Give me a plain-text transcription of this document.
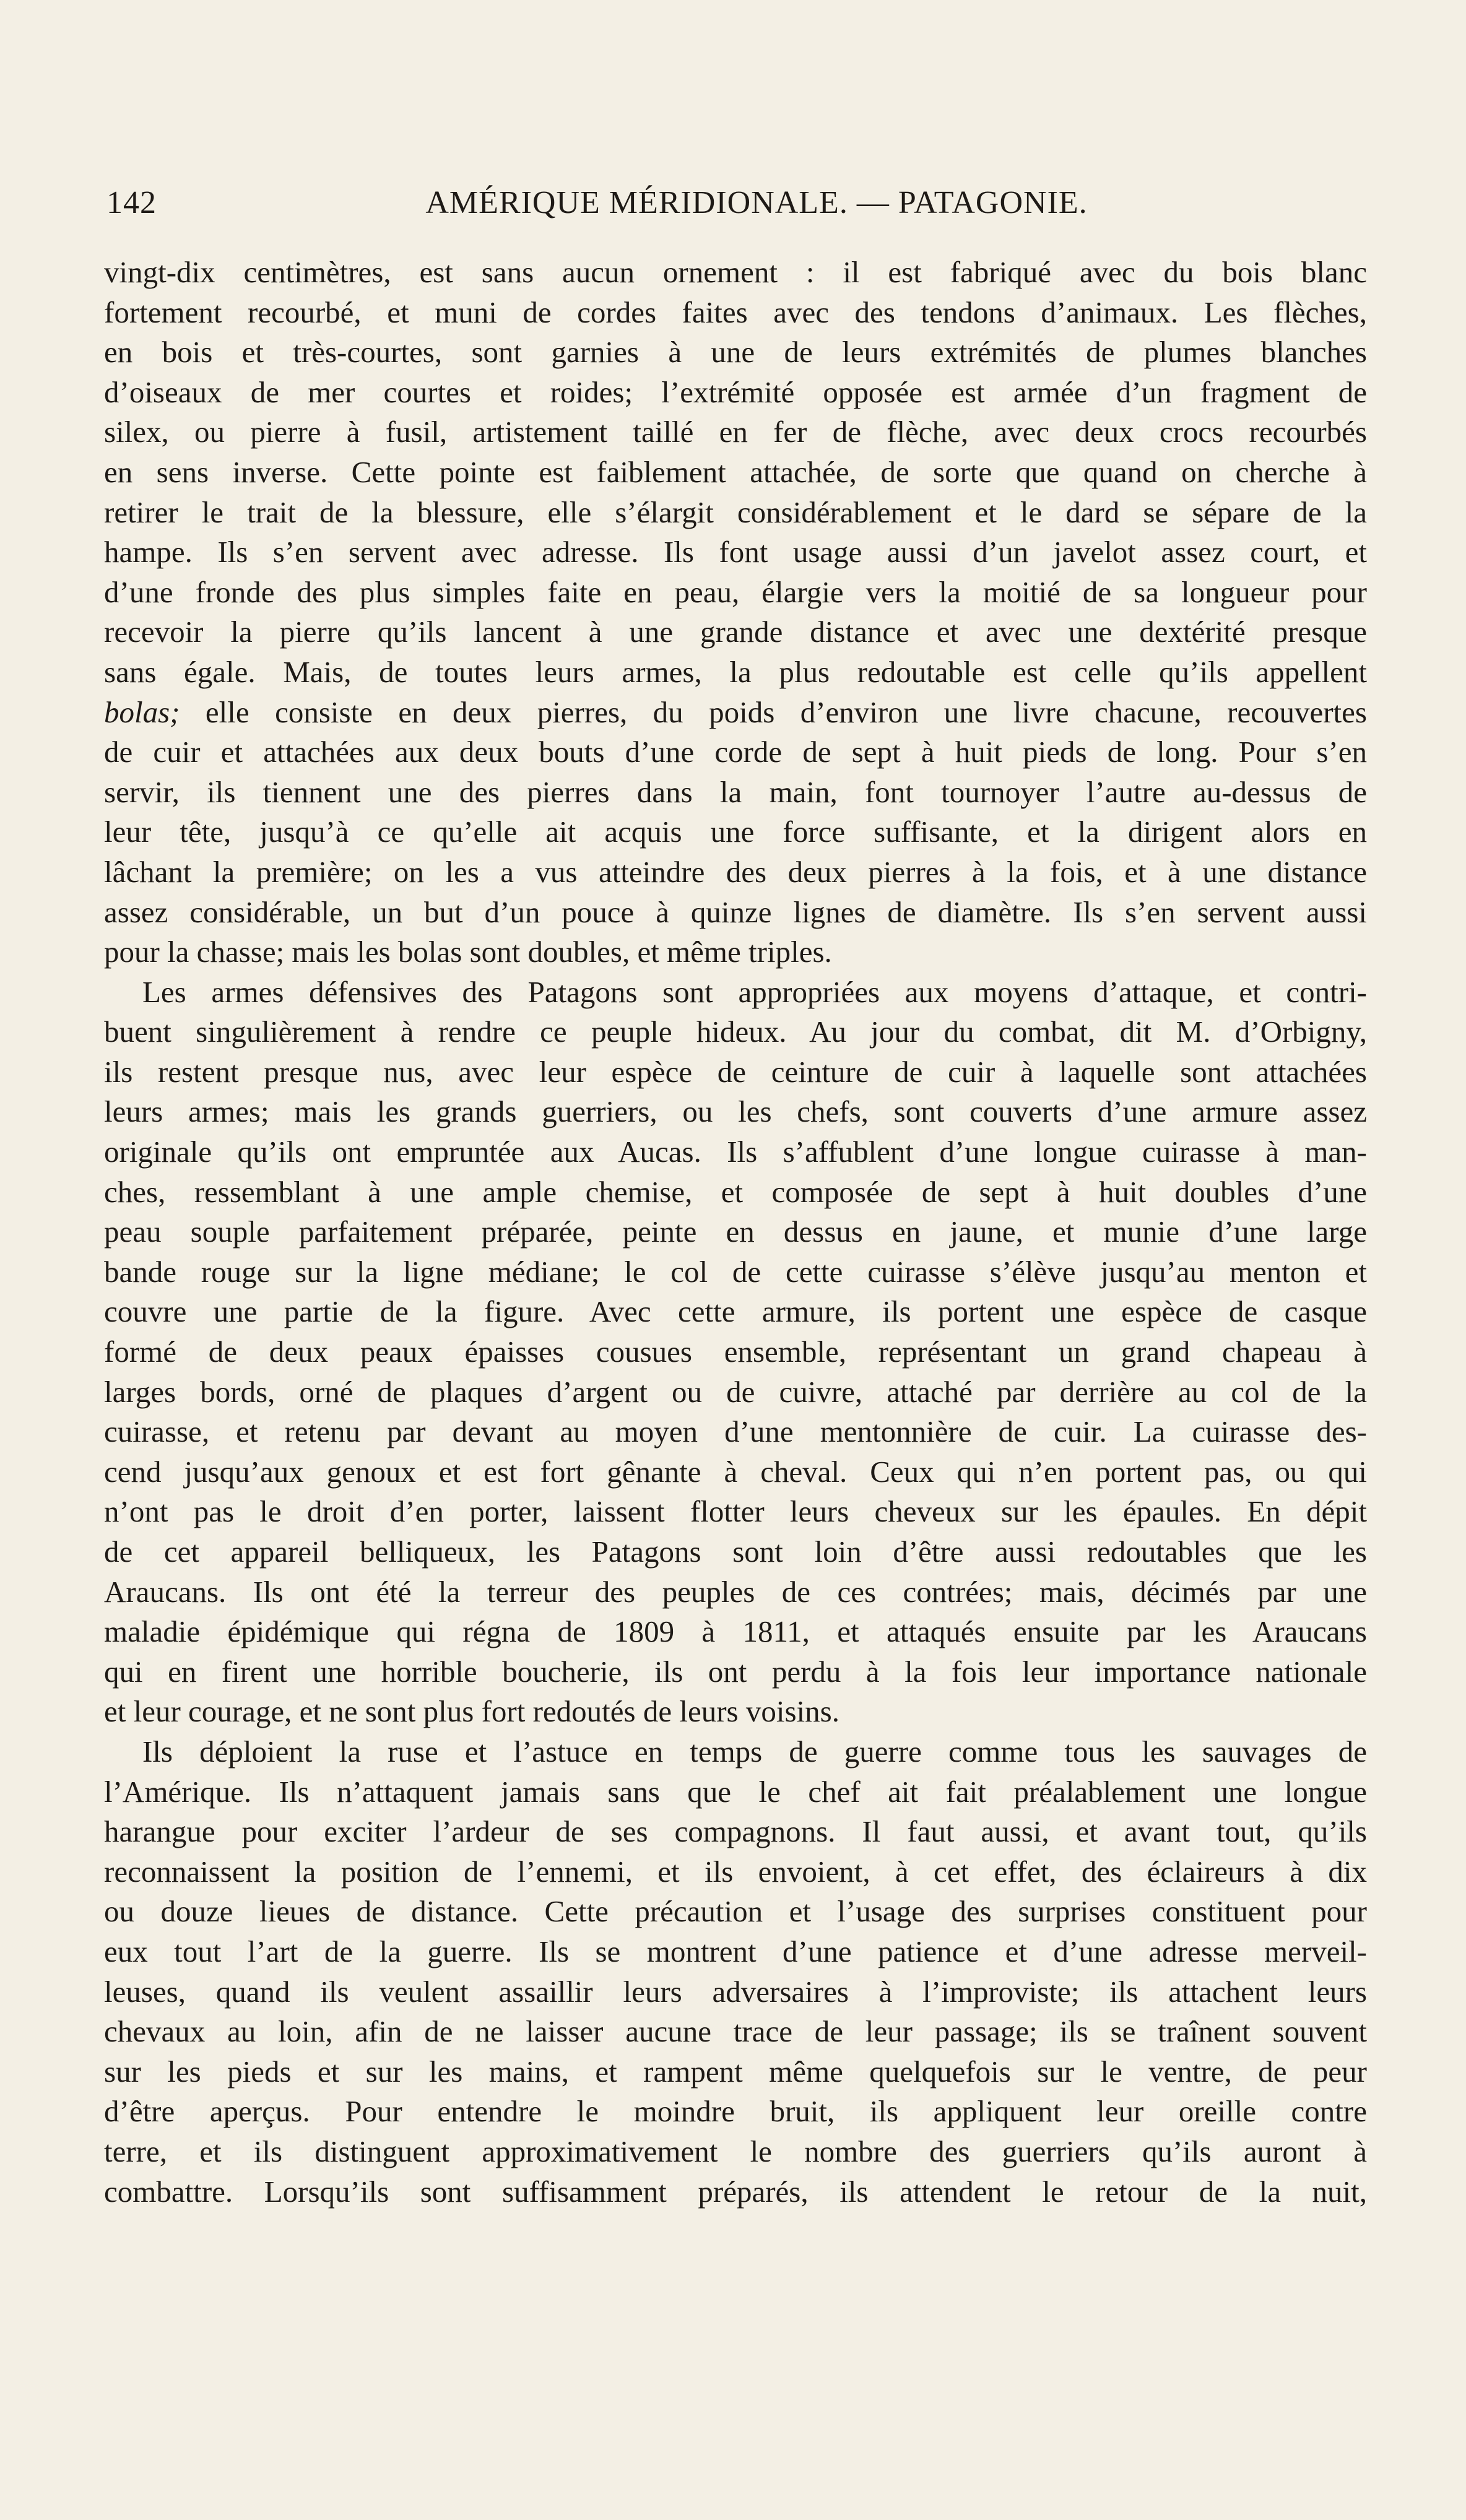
142	AMÉRIQUE MÉRIDIONALE. — PATAGONIE.
vingt-dix centimètres, est sans aucun ornement : il est fabriqué avec du bois blanc
fortement recourbé, et muni de cordes faites avec des tendons d’animaux. Les flèches,
en bois et très-courtes, sont garnies à une de leurs extrémités de plumes blanches
d’oiseaux de mer courtes et roides; l’extrémité opposée est armée d’un fragment de
silex, ou pierre à fusil, artistement taillé en fer de flèche, avec deux crocs recourbés
en sens inverse. Cette pointe est faiblement attachée, de sorte que quand on cherche à
retirer le trait de la blessure, elle s’élargit considérablement et le dard se sépare de la
hampe. Ils s’en servent avec adresse. Ils font usage aussi d’un javelot assez court, et
d’une fronde des plus simples faite en peau, élargie vers la moitié de sa longueur pour
recevoir la pierre qu’ils lancent à une grande distance et avec une dextérité presque
sans égale. Mais, de toutes leurs armes, la plus redoutable est celle qu’ils appellent
bolas; elle consiste en deux pierres, du poids d’environ une livre chacune, recouvertes
de cuir et attachées aux deux bouts d’une corde de sept à huit pieds de long. Pour s’en
servir, ils tiennent une des pierres dans la main, font tournoyer l’autre au-dessus de
leur tête, jusqu’à ce qu’elle ait acquis une force suffisante, et la dirigent alors en
lâchant la première; on les a vus atteindre des deux pierres à la fois, et à une distance
assez considérable, un but d’un pouce à quinze lignes de diamètre. Ils s’en servent aussi
pour la chasse; mais les bolas sont doubles, et même triples.
Les armes défensives des Patagons sont appropriées aux moyens d’attaque, et contri-
buent singulièrement à rendre ce peuple hideux. Au jour du combat, dit M. d’Orbigny,
ils restent presque nus, avec leur espèce de ceinture de cuir à laquelle sont attachées
leurs armes; mais les grands guerriers, ou les chefs, sont couverts d’une armure assez
originale qu’ils ont empruntée aux Aucas. Ils s’affublent d’une longue cuirasse à man-
ches, ressemblant à une ample chemise, et composée de sept à huit doubles d’une
peau souple parfaitement préparée, peinte en dessus en jaune, et munie d’une large
bande rouge sur la ligne médiane; le col de cette cuirasse s’élève jusqu’au menton et
couvre une partie de la figure. Avec cette armure, ils portent une espèce de casque
formé de deux peaux épaisses cousues ensemble, représentant un grand chapeau à
larges bords, orné de plaques d’argent ou de cuivre, attaché par derrière au col de la
cuirasse, et retenu par devant au moyen d’une mentonnière de cuir. La cuirasse des-
cend jusqu’aux genoux et est fort gênante à cheval. Ceux qui n’en portent pas, ou qui
n’ont pas le droit d’en porter, laissent flotter leurs cheveux sur les épaules. En dépit
de cet appareil belliqueux, les Patagons sont loin d’être aussi redoutables que les
Araucans. Ils ont été la terreur des peuples de ces contrées; mais, décimés par une
maladie épidémique qui régna de 1809 à 1811, et attaqués ensuite par les Araucans
qui en firent une horrible boucherie, ils ont perdu à la fois leur importance nationale
et leur courage, et ne sont plus fort redoutés de leurs voisins.
Ils déploient la ruse et l’astuce en temps de guerre comme tous les sauvages de
l’Amérique. Ils n’attaquent jamais sans que le chef ait fait préalablement une longue
harangue pour exciter l’ardeur de ses compagnons. Il faut aussi, et avant tout, qu’ils
reconnaissent la position de l’ennemi, et ils envoient, à cet effet, des éclaireurs à dix
ou douze lieues de distance. Cette précaution et l’usage des surprises constituent pour
eux tout l’art de la guerre. Ils se montrent d’une patience et d’une adresse merveil-
leuses, quand ils veulent assaillir leurs adversaires à l’improviste; ils attachent leurs
chevaux au loin, afin de ne laisser aucune trace de leur passage; ils se traînent souvent
sur les pieds et sur les mains, et rampent même quelquefois sur le ventre, de peur
d’être aperçus. Pour entendre le moindre bruit, ils appliquent leur oreille contre
terre, et ils distinguent approximativement le nombre des guerriers qu’ils auront à
combattre. Lorsqu’ils sont suffisamment préparés, ils attendent le retour de la nuit,
